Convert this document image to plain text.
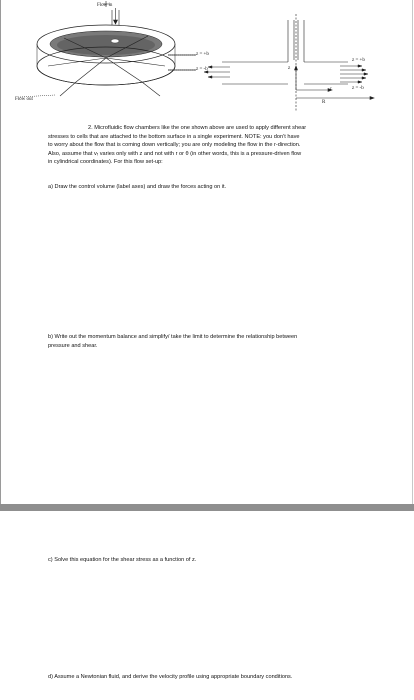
Flow in
Flow out
z = +b
z = -b
z = +b
z = -b
z
r
R
2. Microfluidic flow chambers like the one shown above are used to apply different shear
stresses to cells that are attached to the bottom surface in a single experiment. NOTE: you don’t have
to worry about the flow that is coming down vertically; you are only modeling the flow in the r-direction.
Also, assume that vᵣ varies only with z and not with r or θ (in other words, this is a pressure-driven flow
in cylindrical coordinates). For this flow set-up:
a) Draw the control volume (label axes) and draw the forces acting on it.
b) Write out the momentum balance and simplify/ take the limit to determine the relationship between
pressure and shear.
c) Solve this equation for the shear stress as a function of z.
d) Assume a Newtonian fluid, and derive the velocity profile using appropriate boundary conditions.
